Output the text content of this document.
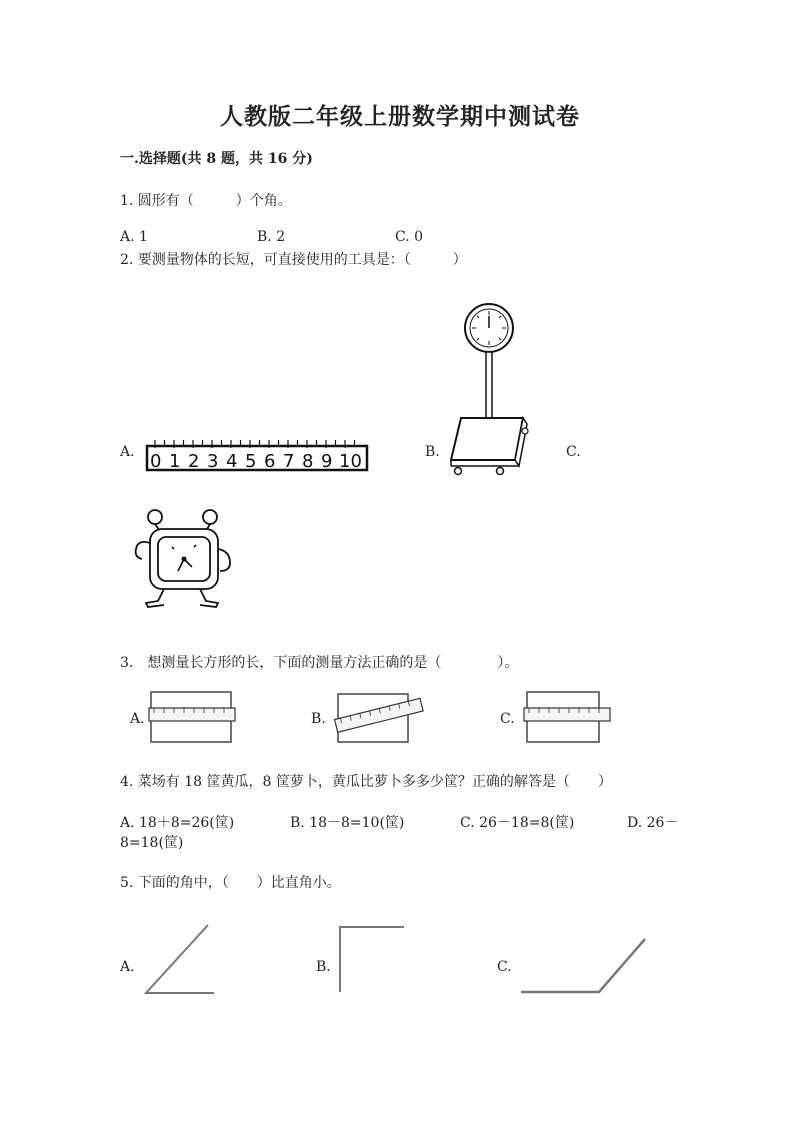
人教版二年级上册数学期中测试卷
一.选择题(共 8 题，共 16 分)
1. 圆形有（　　　）个角。
A. 1	B. 2	C. 0
2. 要测量物体的长短，可直接使用的工具是：（　　　）
A.	B.	C.
0 1 2 3 4 5 6 7 8 9 10
3.　想测量长方形的长，下面的测量方法正确的是（　　　　）。
A.	B.	C.
4. 菜场有 18 筐黄瓜，8 筐萝卜，黄瓜比萝卜多多少筐？正确的解答是（　　）
A. 18＋8=26(筐)	B. 18－8=10(筐)	C. 26－18=8(筐)	D. 26－
8=18(筐)
5. 下面的角中，（　　）比直角小。
A.	B.	C.
